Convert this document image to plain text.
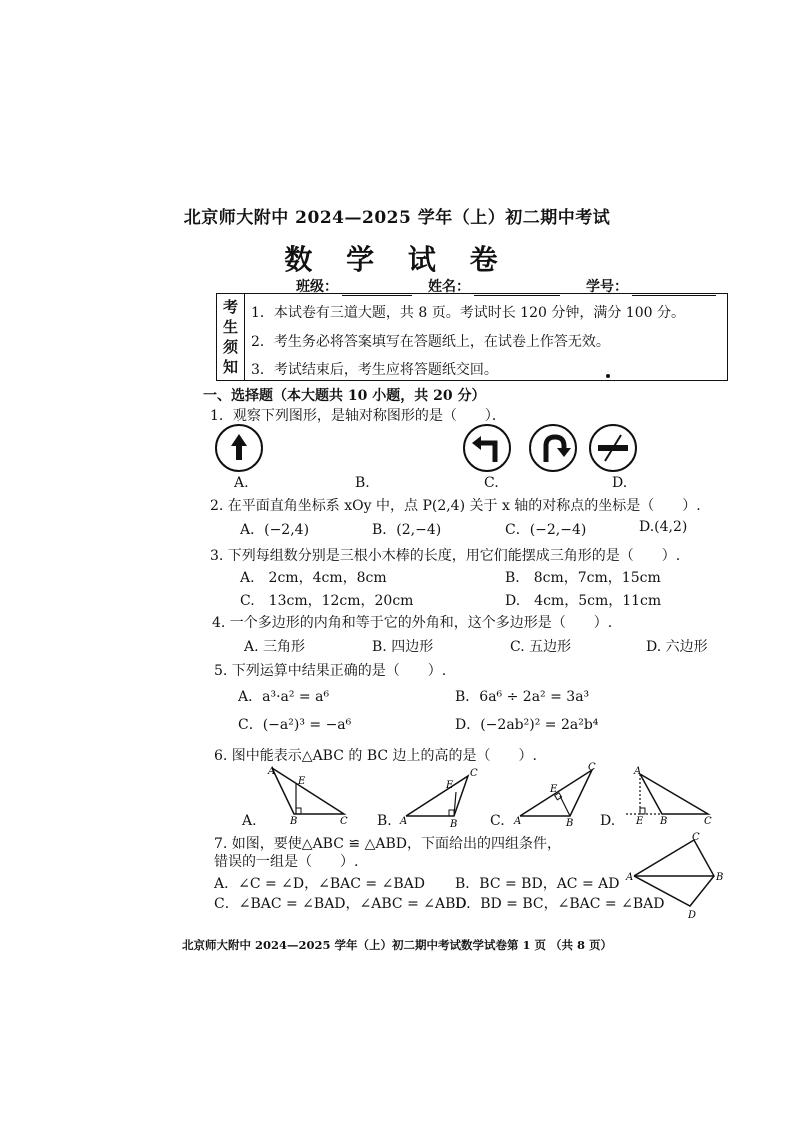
北京师大附中 2024—2025 学年（上）初二期中考试
数 学 试 卷
班级：	姓名：	学号：
考
生
须
知
1．本试卷有三道大题，共 8 页。考试时长 120 分钟，满分 100 分。
2．考生务必将答案填写在答题纸上，在试卷上作答无效。
3．考试结束后，考生应将答题纸交回。
一、选择题（本大题共 10 小题，共 20 分）
1．观察下列图形，是轴对称图形的是（　　）．
A.	B.	C.	D.
2. 在平面直角坐标系 xOy 中，点 P(2,4) 关于 x 轴的对称点的坐标是（　　）.
A．(−2,4)	B．(2,−4)	C．(−2,−4)	D.(4,2)
3. 下列每组数分别是三根小木棒的长度，用它们能摆成三角形的是（　　）.
A.　2cm，4cm，8cm	B.　8cm，7cm，15cm
C.　13cm，12cm，20cm	D.　4cm，5cm，11cm
4. 一个多边形的内角和等于它的外角和，这个多边形是（　　）.
A. 三角形	B. 四边形	C. 五边形	D. 六边形
5. 下列运算中结果正确的是（　　）.
A．a³·a² = a⁶	B．6a⁶ ÷ 2a² = 3a³
C．(−a²)³ = −a⁶	D．(−2ab²)² = 2a²b⁴
6. 图中能表示△ABC 的 BC 边上的高的是（　　）.
A
E
B	C	A	B
C
E
A	B
C
E
A
E B	C
A.	B.	C.	D.
7. 如图，要使△ABC ≌ △ABD，下面给出的四组条件，
错误的一组是（　　）.
A
C
B
D
A．∠C = ∠D，∠BAC = ∠BAD B．BC = BD，AC = AD
C．∠BAC = ∠BAD，∠ABC = ∠ABD
D．BD = BC，∠BAC = ∠BAD
北京师大附中 2024—2025 学年（上）初二期中考试数学试卷第 1 页 （共 8 页）
